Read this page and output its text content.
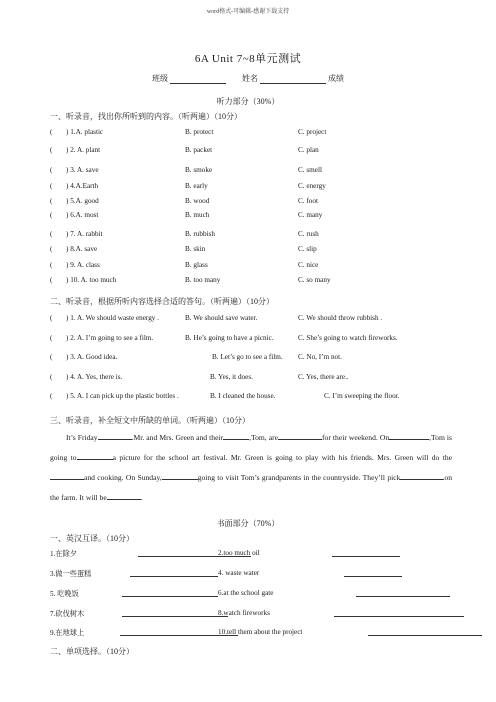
word格式-可编辑-感谢下载支持
6A Unit 7~8单元测试
班级	姓名	成绩
听力部分（30%）
一、听录音，找出你所听到的内容。（听两遍）（10分）
( ) 1.A. plastic	B. protect	C. project
( ) 2. A. plant	B. packet	C. plan
( ) 3. A. save	B. smoke	C. smell
( ) 4.A.Earth	B. early	C. energy
( ) 5.A. good	B. wood	C. foot
( ) 6.A. most	B. much	C. many
( ) 7. A. rabbit	B. rubbish	C. rush
( ) 8.A. save	B. skin	C. slip
( ) 9. A. class	B. glass	C. nice
( ) 10. A. too much	B. too many	C. so many
二、听录音，根据所听内容选择合适的答句。（听两遍）（10分）
( ) 1. A. We should waste energy .	B. We should save water.	C. We should throw rubbish .
( ) 2. A. I’m going to see a film.	B. He’s going to have a picnic.	C. She’s going to watch fireworks.
( ) 3. A. Good idea.	B. Let’s go to see a film. C. No, I’m not.
( ) 4. A. Yes, there is.	B. Yes, it does.	C. Yes, there are..
( ) 5. A. I can pick up the plastic bottles .	B. I cleaned the house.	C. I’m sweeping the floor.
三、听录音，补全短文中所缺的单词。（听两遍）（10分）
It’s Friday	.Mr. and Mrs. Green and their	,Tom, are	for their weekend. On	,Tom is going to	a picture for the school art festival. Mr. Green is going to play with his friends. Mrs. Green will do theand cooking. On Sunday,	going to visit Tom’s grandparents in the countryside. They’ll pick	on the farm. It will be	.
书面部分（70%）
一、英汉互译。（10分）
1.在除夕	2.too much oil
3.做一些蛋糕	4. waste water
5. 吃晚饭	6.at the school gate
7.砍伐树木	8.watch fireworks
9.在地球上	10.tell them about the project
二、单项选择。（10分）
